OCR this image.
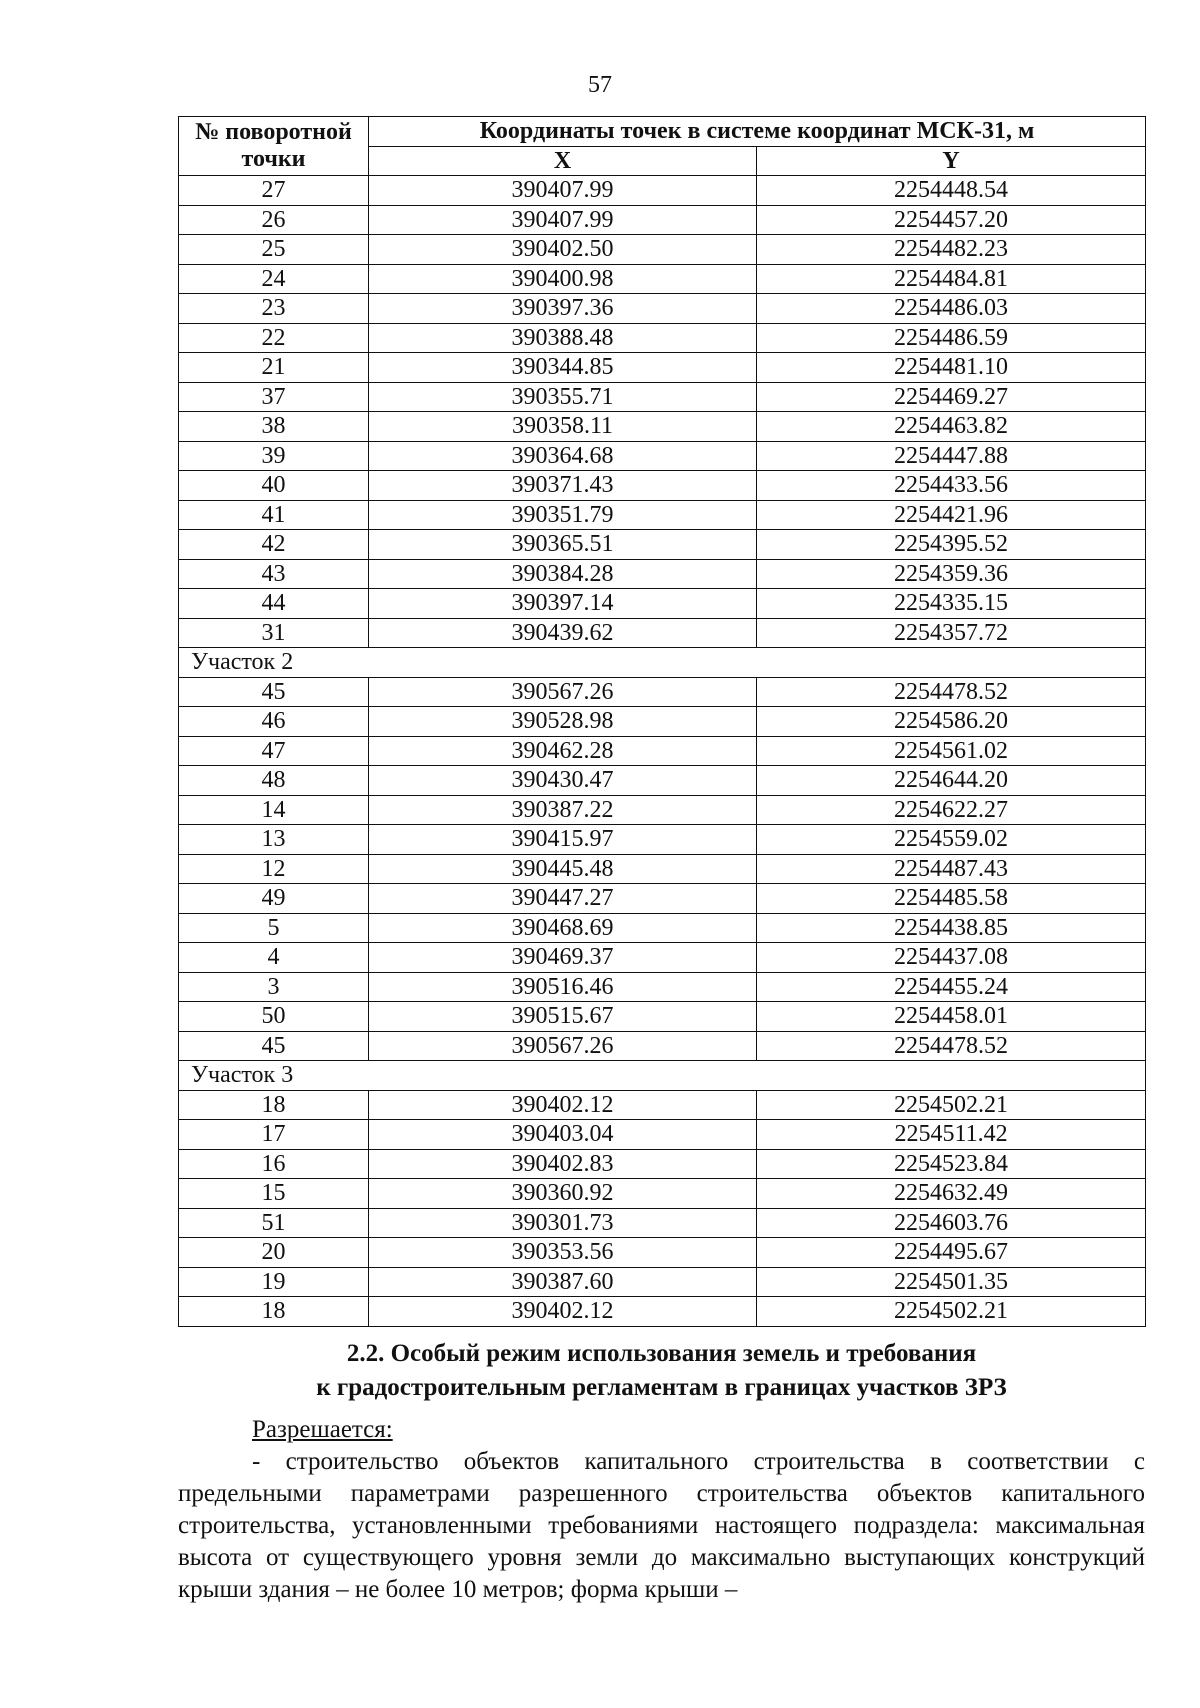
57
№ поворотной точки	Координаты точек в системе координат МСК-31, м	
	X	Y
27	390407.99	2254448.54
26	390407.99	2254457.20
25	390402.50	2254482.23
24	390400.98	2254484.81
23	390397.36	2254486.03
22	390388.48	2254486.59
21	390344.85	2254481.10
37	390355.71	2254469.27
38	390358.11	2254463.82
39	390364.68	2254447.88
40	390371.43	2254433.56
41	390351.79	2254421.96
42	390365.51	2254395.52
43	390384.28	2254359.36
44	390397.14	2254335.15
31	390439.62	2254357.72
Участок 2		
45	390567.26	2254478.52
46	390528.98	2254586.20
47	390462.28	2254561.02
48	390430.47	2254644.20
14	390387.22	2254622.27
13	390415.97	2254559.02
12	390445.48	2254487.43
49	390447.27	2254485.58
5	390468.69	2254438.85
4	390469.37	2254437.08
3	390516.46	2254455.24
50	390515.67	2254458.01
45	390567.26	2254478.52
Участок 3		
18	390402.12	2254502.21
17	390403.04	2254511.42
16	390402.83	2254523.84
15	390360.92	2254632.49
51	390301.73	2254603.76
20	390353.56	2254495.67
19	390387.60	2254501.35
18	390402.12	2254502.21
2.2. Особый режим использования земель и требования
к градостроительным регламентам в границах участков ЗРЗ
Разрешается:
- строительство объектов капитального строительства в соответствии с предельными параметрами разрешенного строительства объектов капитального строительства, установленными требованиями настоящего подраздела: максимальная высота от существующего уровня земли до максимально выступающих конструкций крыши здания – не более 10 метров; форма крыши –
